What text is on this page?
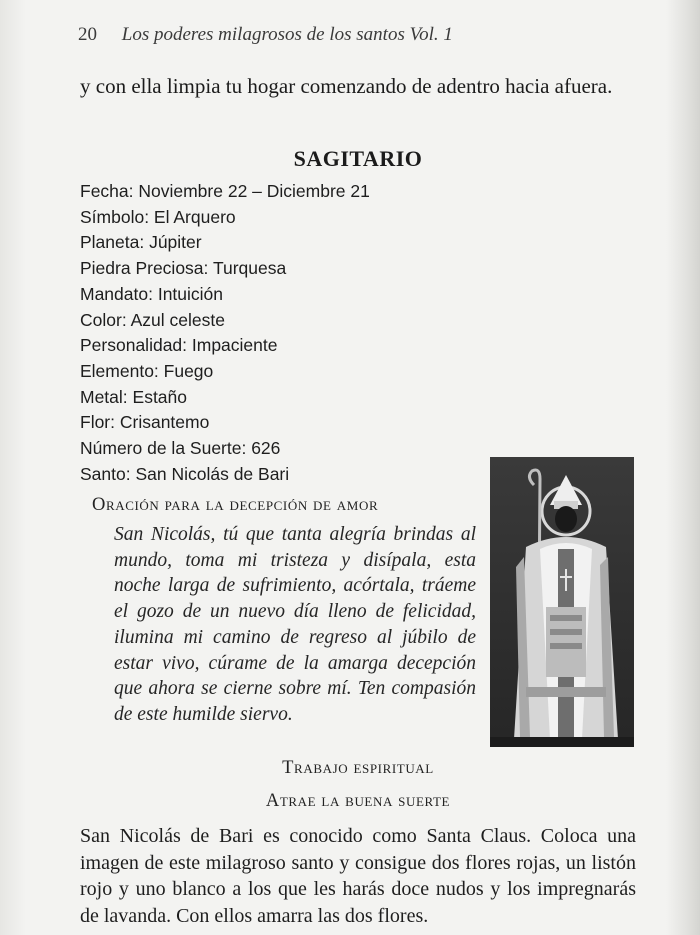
20 Los poderes milagrosos de los santos Vol. 1
y con ella limpia tu hogar comenzando de adentro hacia afuera.
SAGITARIO
Fecha: Noviembre 22 – Diciembre 21
Símbolo: El Arquero
Planeta: Júpiter
Piedra Preciosa: Turquesa
Mandato: Intuición
Color: Azul celeste
Personalidad: Impaciente
Elemento: Fuego
Metal: Estaño
Flor: Crisantemo
Número de la Suerte: 626
Santo: San Nicolás de Bari
Oración para la decepción de amor
San Nicolás, tú que tanta alegría brindas al mundo, toma mi tristeza y disípala, esta noche larga de sufrimiento, acórtala, tráeme el gozo de un nuevo día lleno de felicidad, ilumina mi camino de regreso al júbilo de estar vivo, cúrame de la amarga decepción que ahora se cierne sobre mí. Ten compasión de este humilde siervo.
Trabajo espiritual
Atrae la buena suerte
San Nicolás de Bari es conocido como Santa Claus. Coloca una imagen de este milagroso santo y consigue dos flores rojas, un listón rojo y uno blanco a los que les harás doce nudos y los impregnarás de lavanda. Con ellos amarra las dos flores.
